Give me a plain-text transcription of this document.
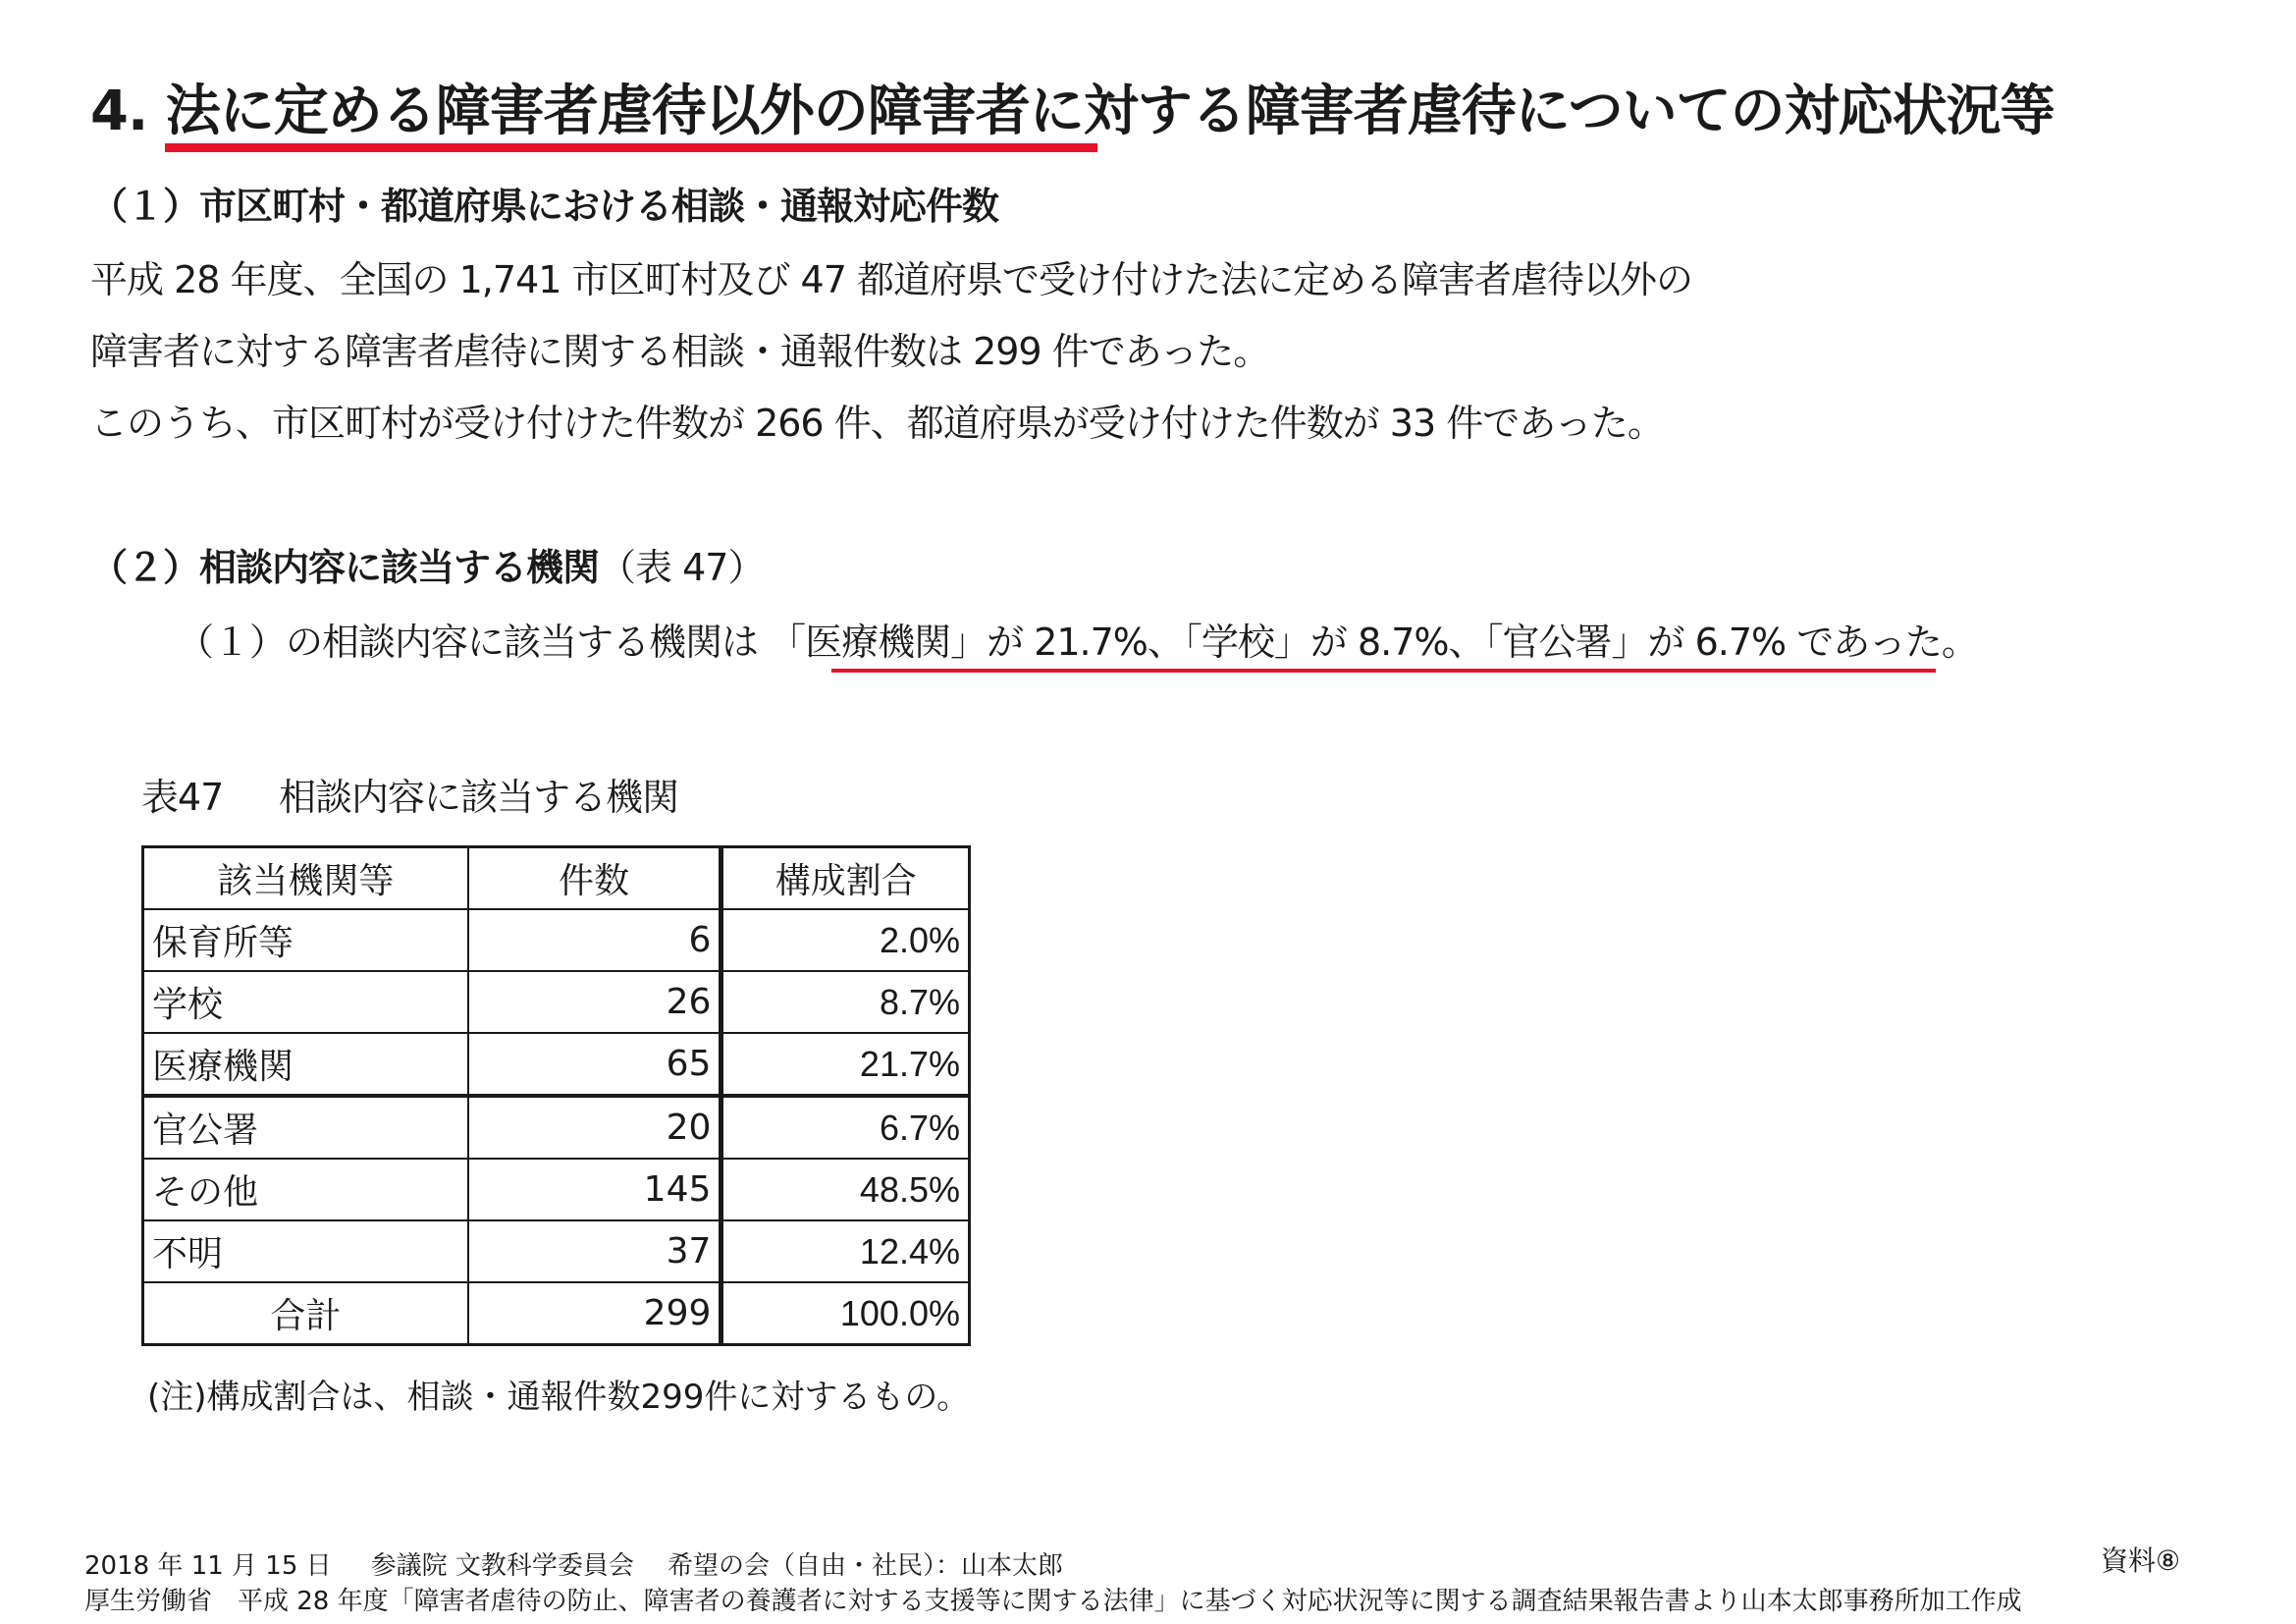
4. 法に定める障害者虐待以外の障害者に対する障害者虐待についての対応状況等
（１）市区町村・都道府県における相談・通報対応件数
平成 28 年度、全国の 1,741 市区町村及び 47 都道府県で受け付けた法に定める障害者虐待以外の
障害者に対する障害者虐待に関する相談・通報件数は 299 件であった。
このうち、市区町村が受け付けた件数が 266 件、都道府県が受け付けた件数が 33 件であった。
（２）相談内容に該当する機関（表 47）
（１）の相談内容に該当する機関は 「医療機関」が 21.7%、「学校」が 8.7%、「官公署」が 6.7% であった。
表47 相談内容に該当する機関
該当機関等	件数	構成割合
保育所等	6	2.0%
学校	26	8.7%
医療機関	65	21.7%
官公署	20	6.7%
その他	145	48.5%
不明	37	12.4%
合計	299	100.0%
(注)構成割合は、相談・通報件数299件に対するもの。
2018 年 11 月 15 日 参議院 文教科学委員会 希望の会（自由・社民）：山本太郎
厚生労働省　平成 28 年度「障害者虐待の防止、障害者の養護者に対する支援等に関する法律」に基づく対応状況等に関する調査結果報告書より山本太郎事務所加工作成
資料⑧
